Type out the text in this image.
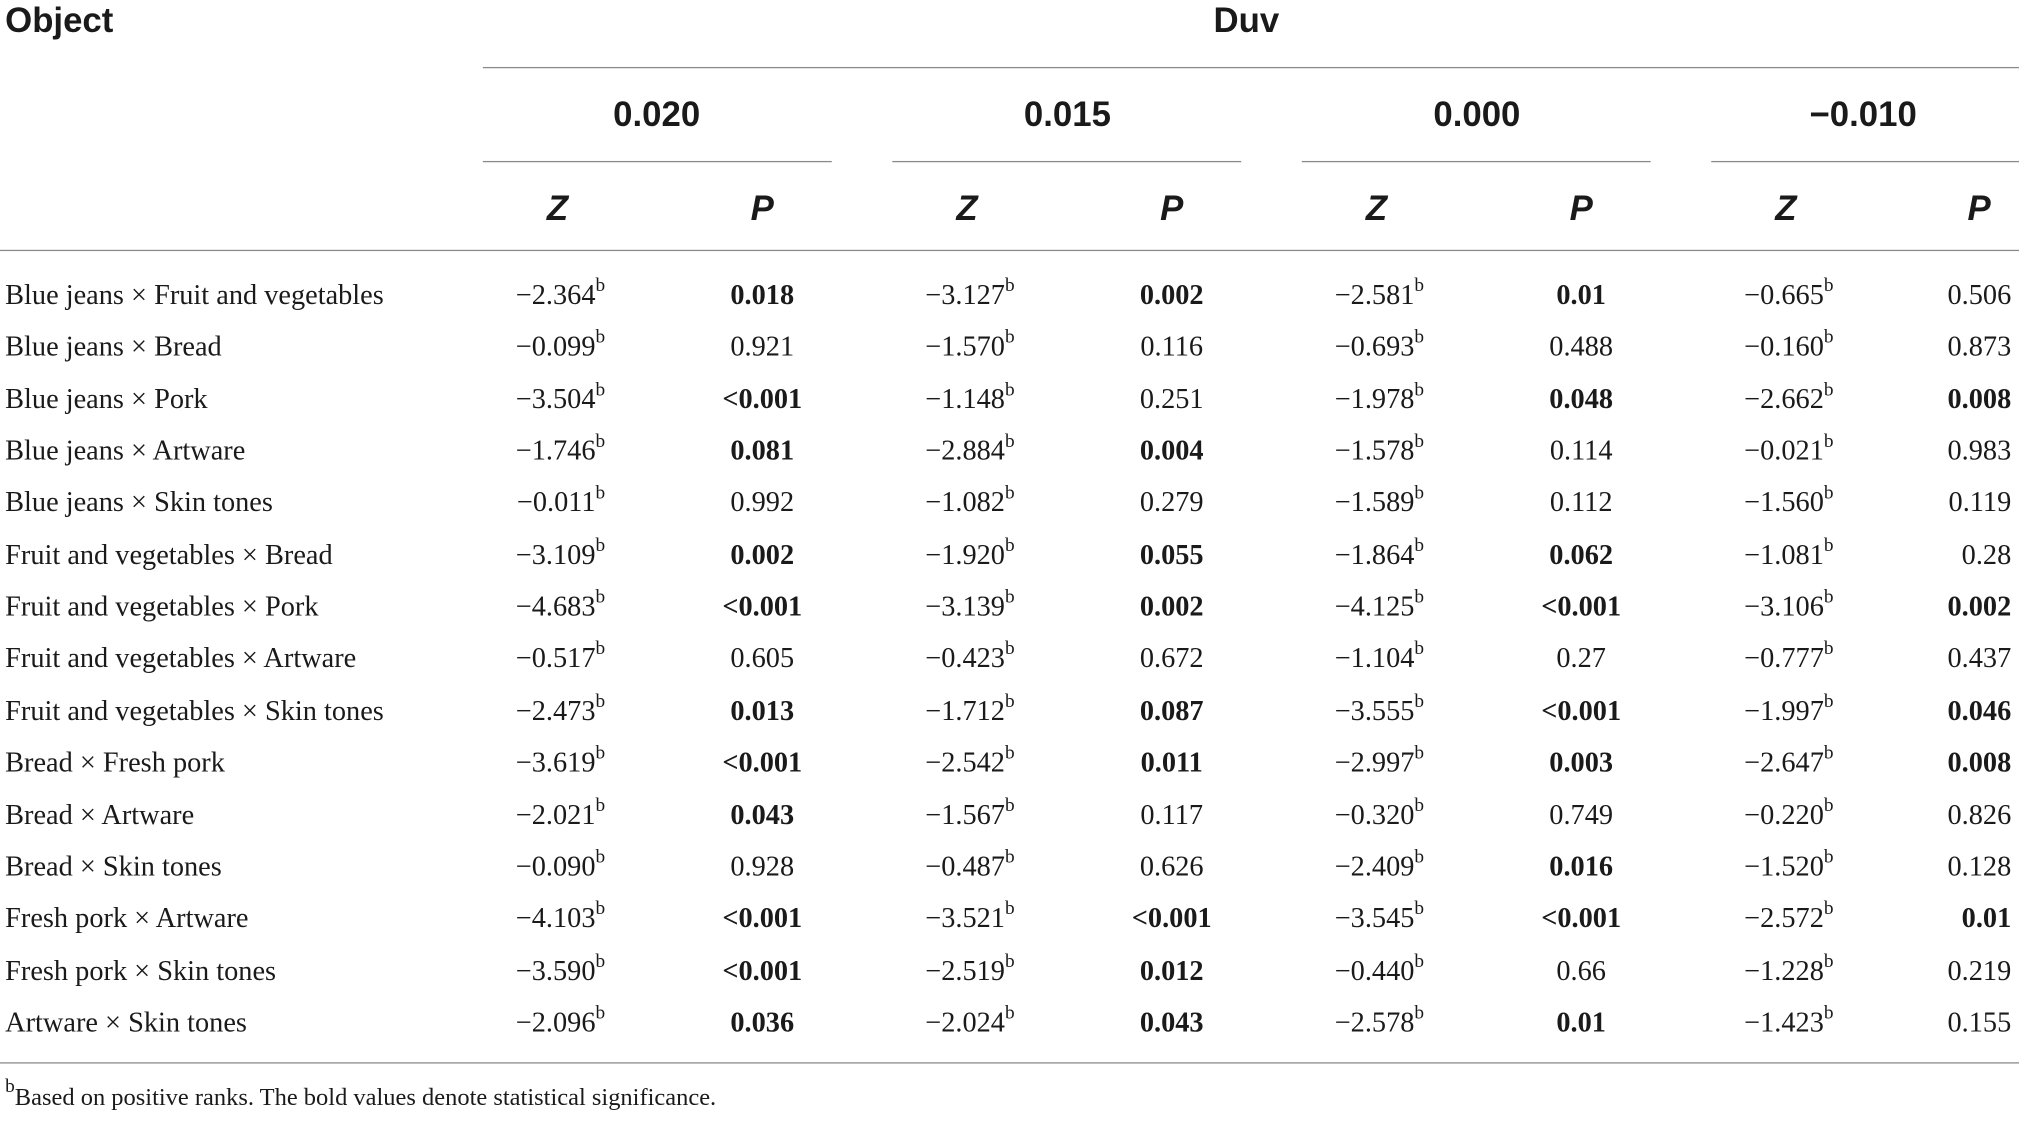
Object	Duv
0.020	0.015	0.000	−0.010
Z	P	Z	P	Z	P	Z	P
Blue jeans × Fruit and vegetables	−2.364$^b$	0.018	−3.127$^b$	0.002	−2.581$^b$	0.01	−0.665$^b$	0.506
Blue jeans × Bread	−0.099$^b$	0.921	−1.570$^b$	0.116	−0.693$^b$	0.488	−0.160$^b$	0.873
Blue jeans × Pork	−3.504$^b$	<0.001	−1.148$^b$	0.251	−1.978$^b$	0.048	−2.662$^b$	0.008
Blue jeans × Artware	−1.746$^b$	0.081	−2.884$^b$	0.004	−1.578$^b$	0.114	−0.021$^b$	0.983
Blue jeans × Skin tones	−0.011$^b$	0.992	−1.082$^b$	0.279	−1.589$^b$	0.112	−1.560$^b$	0.119
Fruit and vegetables × Bread	−3.109$^b$	0.002	−1.920$^b$	0.055	−1.864$^b$	0.062	−1.081$^b$	0.28
Fruit and vegetables × Pork	−4.683$^b$	<0.001	−3.139$^b$	0.002	−4.125$^b$	<0.001	−3.106$^b$	0.002
Fruit and vegetables × Artware	−0.517$^b$	0.605	−0.423$^b$	0.672	−1.104$^b$	0.27	−0.777$^b$	0.437
Fruit and vegetables × Skin tones	−2.473$^b$	0.013	−1.712$^b$	0.087	−3.555$^b$	<0.001	−1.997$^b$	0.046
Bread × Fresh pork	−3.619$^b$	<0.001	−2.542$^b$	0.011	−2.997$^b$	0.003	−2.647$^b$	0.008
Bread × Artware	−2.021$^b$	0.043	−1.567$^b$	0.117	−0.320$^b$	0.749	−0.220$^b$	0.826
Bread × Skin tones	−0.090$^b$	0.928	−0.487$^b$	0.626	−2.409$^b$	0.016	−1.520$^b$	0.128
Fresh pork × Artware	−4.103$^b$	<0.001	−3.521$^b$	<0.001	−3.545$^b$	<0.001	−2.572$^b$	0.01
Fresh pork × Skin tones	−3.590$^b$	<0.001	−2.519$^b$	0.012	−0.440$^b$	0.66	−1.228$^b$	0.219
Artware × Skin tones	−2.096$^b$	0.036	−2.024$^b$	0.043	−2.578$^b$	0.01	−1.423$^b$	0.155
$^b$Based on positive ranks. The bold values denote statistical significance.
